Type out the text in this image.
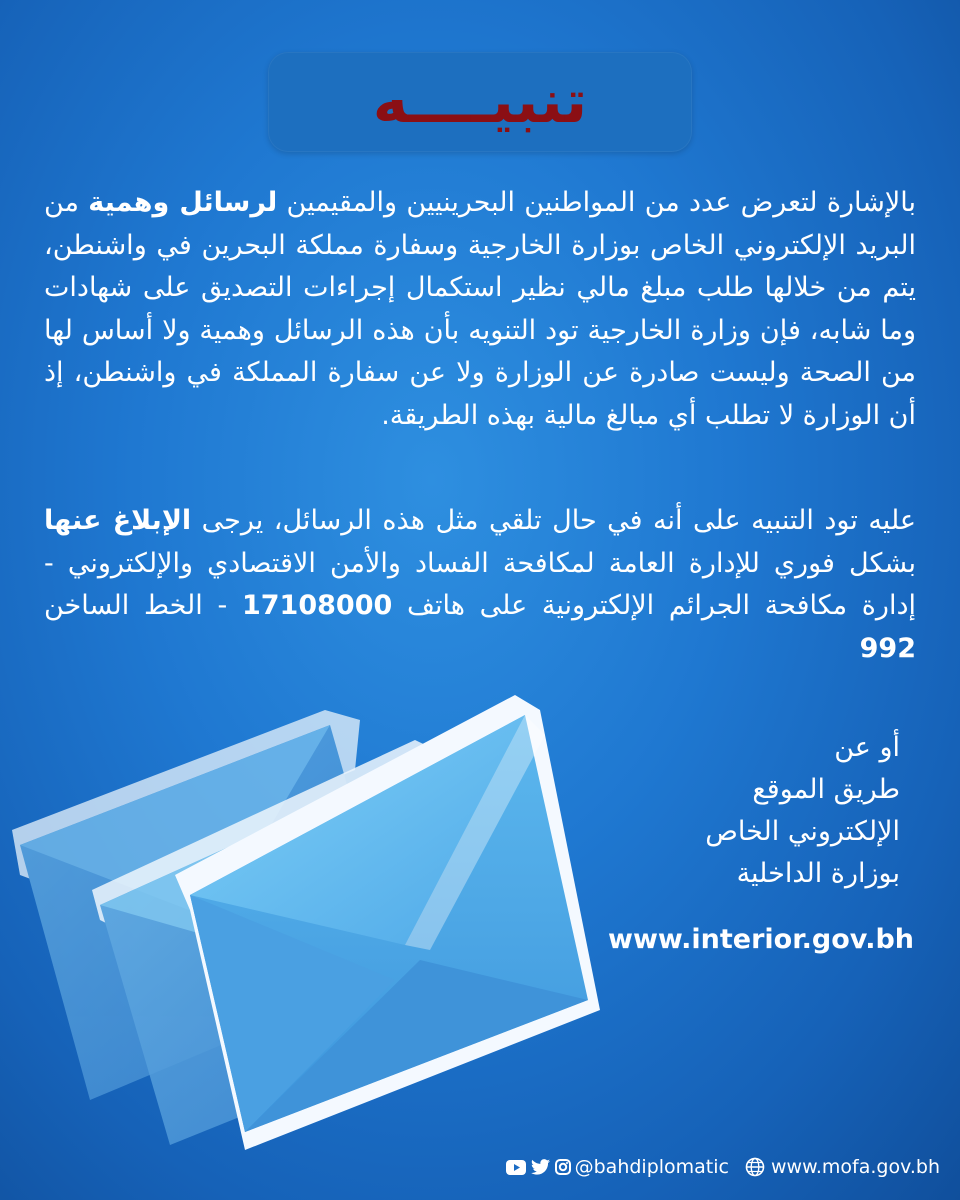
تنبيــــه
بالإشارة لتعرض عدد من المواطنين البحرينيين والمقيمين لرسائل وهمية من البريد الإلكتروني الخاص بوزارة الخارجية وسفارة مملكة البحرين في واشنطن، يتم من خلالها طلب مبلغ مالي نظير استكمال إجراءات التصديق على شهادات وما شابه، فإن وزارة الخارجية تود التنويه بأن هذه الرسائل وهمية ولا أساس لها من الصحة وليست صادرة عن الوزارة ولا عن سفارة المملكة في واشنطن، إذ أن الوزارة لا تطلب أي مبالغ مالية بهذه الطريقة.
عليه تود التنبيه على أنه في حال تلقي مثل هذه الرسائل، يرجى الإبلاغ عنها بشكل فوري للإدارة العامة لمكافحة الفساد والأمن الاقتصادي والإلكتروني - إدارة مكافحة الجرائم الإلكترونية على هاتف 17108000 - الخط الساخن 992
أو عن
طريق الموقع
الإلكتروني الخاص
بوزارة الداخلية
www.interior.gov.bh
@bahdiplomatic www.mofa.gov.bh
